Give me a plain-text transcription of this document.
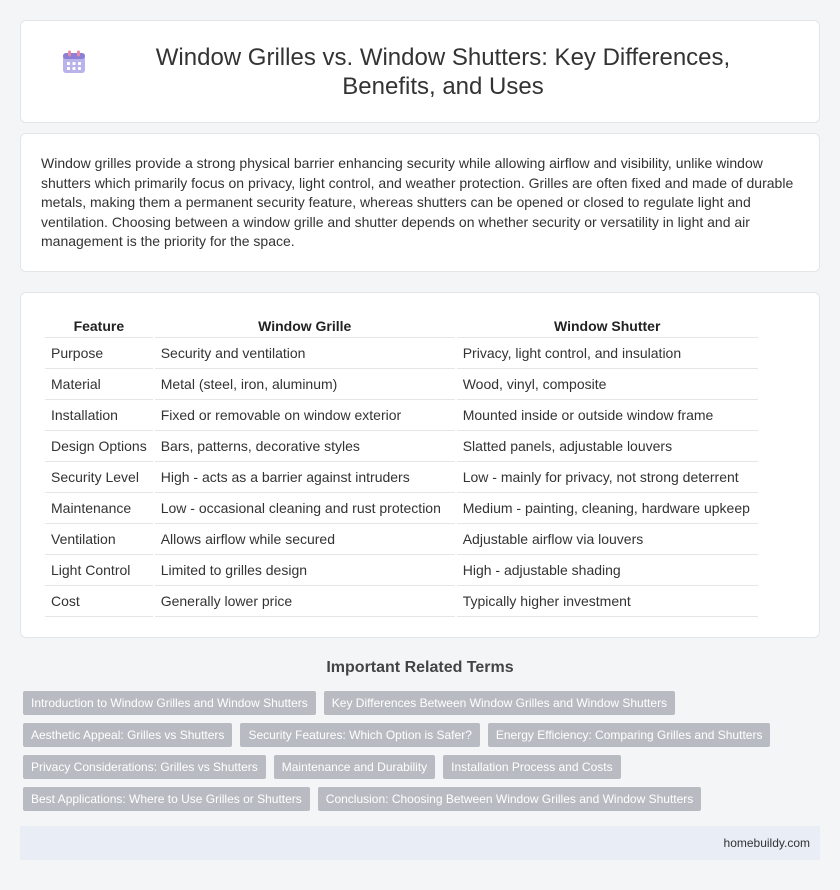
Window Grilles vs. Window Shutters: Key Differences, Benefits, and Uses

Window grilles provide a strong physical barrier enhancing security while allowing airflow and visibility, unlike window shutters which primarily focus on privacy, light control, and weather protection. Grilles are often fixed and made of durable metals, making them a permanent security feature, whereas shutters can be opened or closed to regulate light and ventilation. Choosing between a window grille and shutter depends on whether security or versatility in light and air management is the priority for the space.

Feature	Window Grille	Window Shutter
Purpose	Security and ventilation	Privacy, light control, and insulation
Material	Metal (steel, iron, aluminum)	Wood, vinyl, composite
Installation	Fixed or removable on window exterior	Mounted inside or outside window frame
Design Options	Bars, patterns, decorative styles	Slatted panels, adjustable louvers
Security Level	High - acts as a barrier against intruders	Low - mainly for privacy, not strong deterrent
Maintenance	Low - occasional cleaning and rust protection	Medium - painting, cleaning, hardware upkeep
Ventilation	Allows airflow while secured	Adjustable airflow via louvers
Light Control	Limited to grilles design	High - adjustable shading
Cost	Generally lower price	Typically higher investment
Important Related Terms
Introduction to Window Grilles and Window Shutters	Key Differences Between Window Grilles and Window Shutters
Aesthetic Appeal: Grilles vs Shutters	Security Features: Which Option is Safer?	Energy Efficiency: Comparing Grilles and Shutters
Privacy Considerations: Grilles vs Shutters	Maintenance and Durability	Installation Process and Costs
Best Applications: Where to Use Grilles or Shutters	Conclusion: Choosing Between Window Grilles and Window Shutters
homebuildy.com
